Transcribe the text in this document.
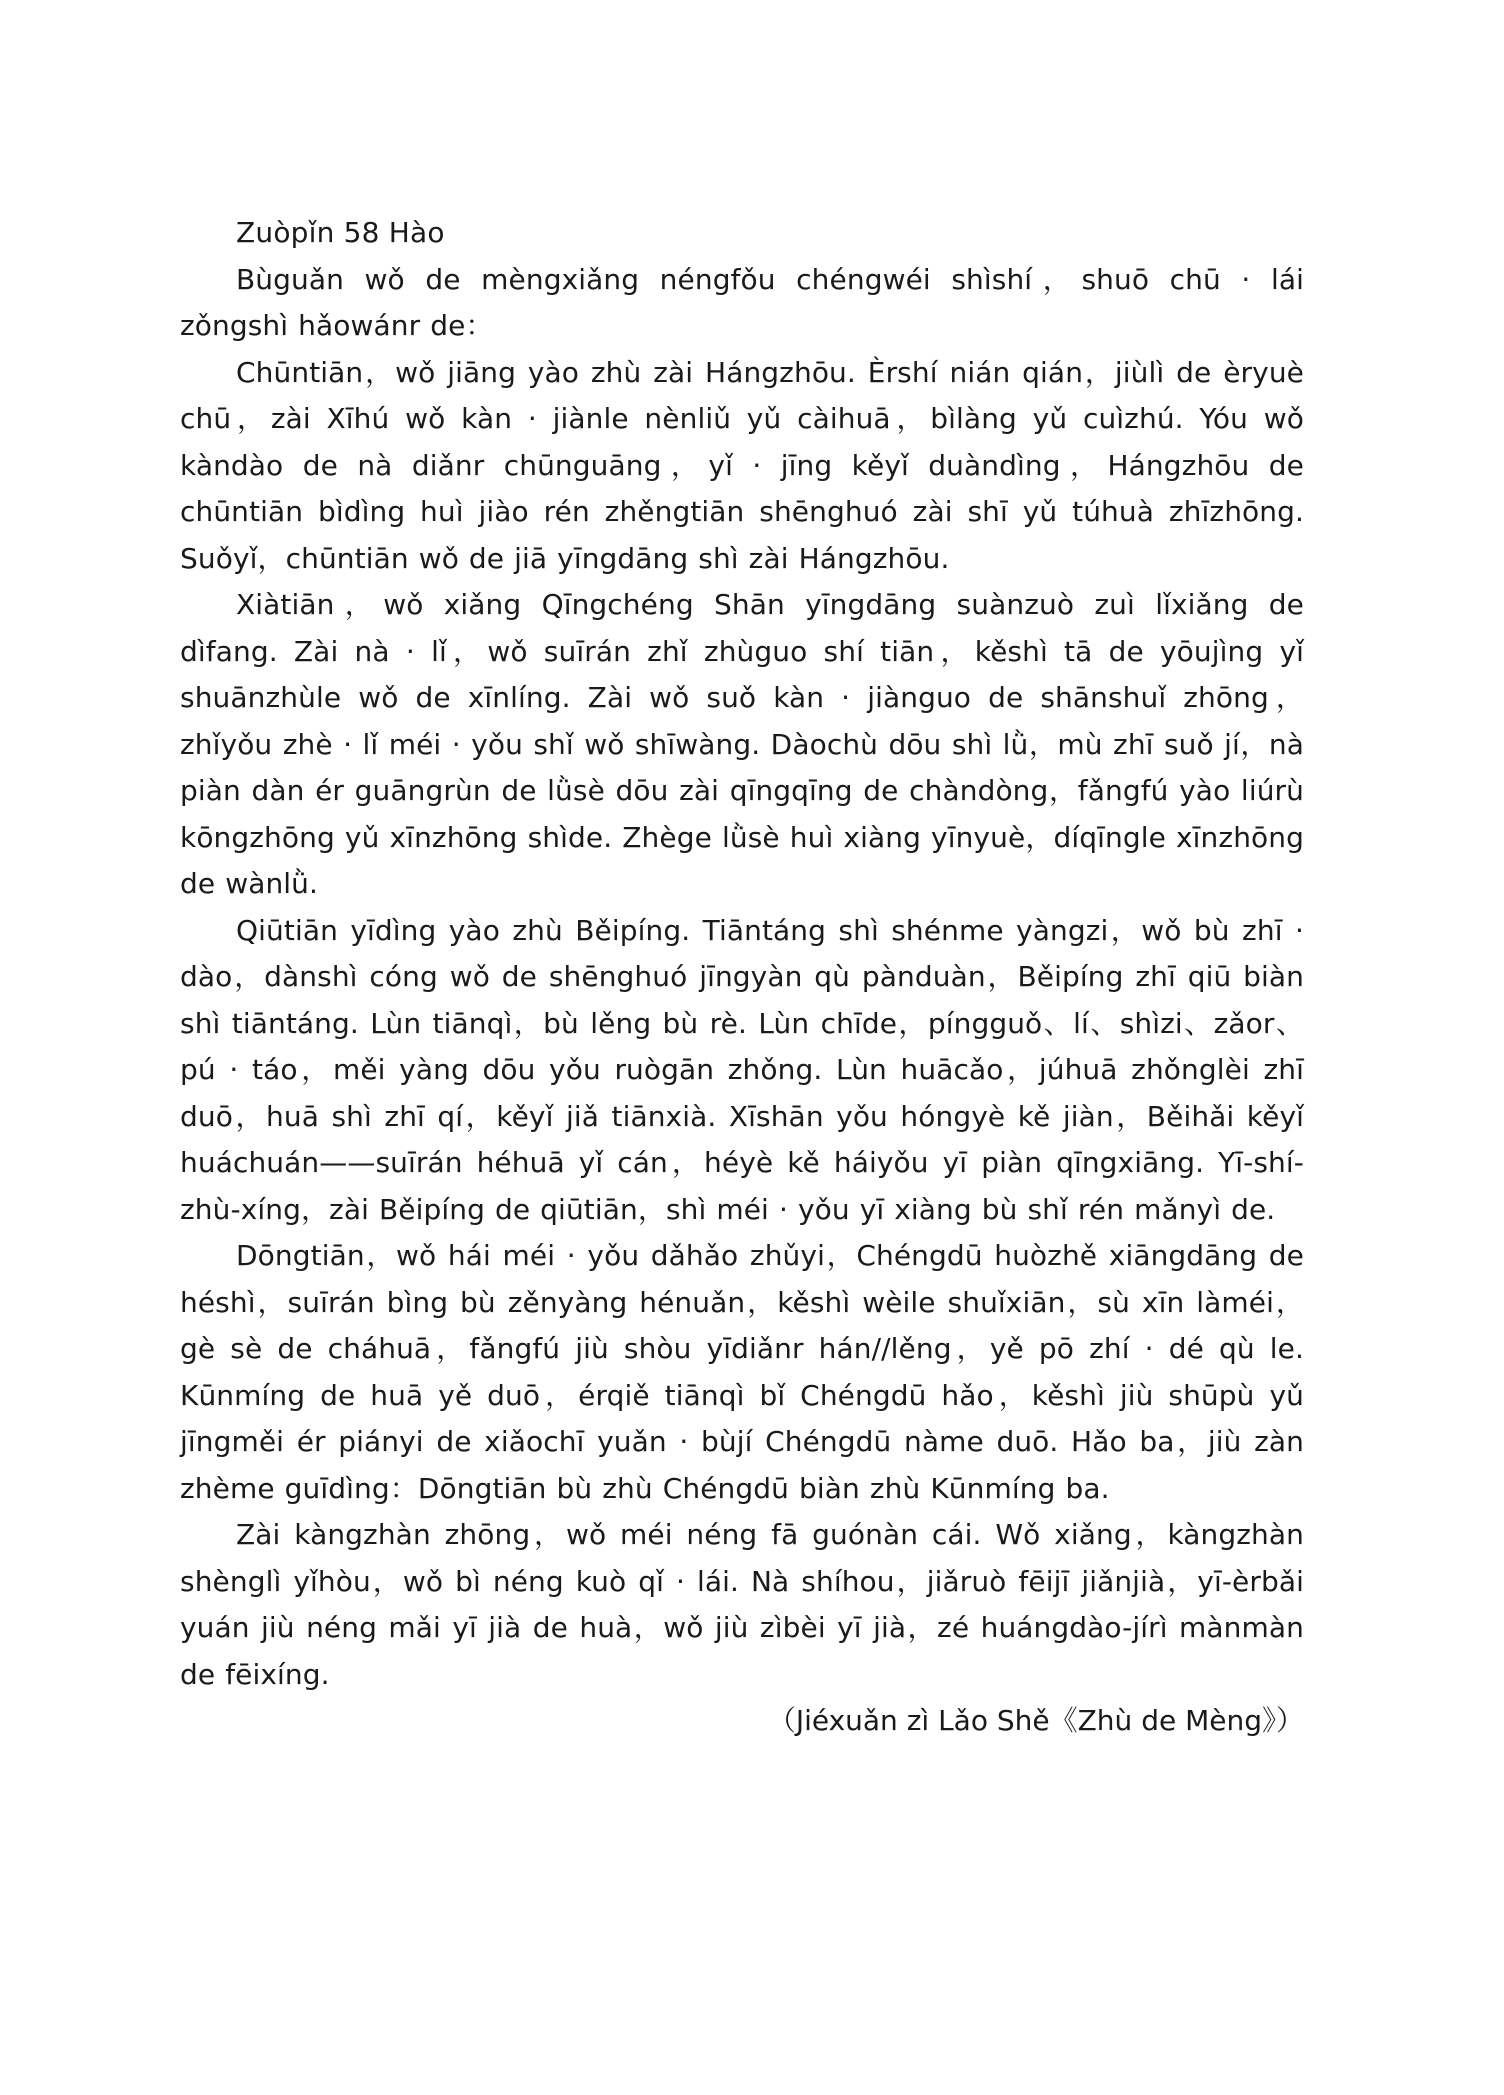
Zuòpǐn 58 Hào

Bùguǎn wǒ de mèngxiǎng néngfǒu chéngwéi shìshí，shuō chū · lái zǒngshì hǎowánr de：

Chūntiān，wǒ jiāng yào zhù zài Hángzhōu. Èrshí nián qián，jiùlì de èryuè chū，zài Xīhú wǒ kàn · jiànle nènliǔ yǔ càihuā，bìlàng yǔ cuìzhú. Yóu wǒ kàndào de nà diǎnr chūnguāng，yǐ · jīng kěyǐ duàndìng，Hángzhōu de chūntiān bìdìng huì jiào rén zhěngtiān shēnghuó zài shī yǔ túhuà zhīzhōng. Suǒyǐ，chūntiān wǒ de jiā yīngdāng shì zài Hángzhōu.

Xiàtiān，wǒ xiǎng Qīngchéng Shān yīngdāng suànzuò zuì lǐxiǎng de dìfang. Zài nà · lǐ，wǒ suīrán zhǐ zhùguo shí tiān，kěshì tā de yōujìng yǐ shuānzhùle wǒ de xīnlíng. Zài wǒ suǒ kàn · jiànguo de shānshuǐ zhōng，zhǐyǒu zhè · lǐ méi · yǒu shǐ wǒ shīwàng. Dàochù dōu shì lǜ，mù zhī suǒ jí，nà piàn dàn ér guāngrùn de lǜsè dōu zài qīngqīng de chàndòng，fǎngfú yào liúrù kōngzhōng yǔ xīnzhōng shìde. Zhège lǜsè huì xiàng yīnyuè，díqīngle xīnzhōng de wànlǜ.

Qiūtiān yīdìng yào zhù Běipíng. Tiāntáng shì shénme yàngzi，wǒ bù zhī · dào，dànshì cóng wǒ de shēnghuó jīngyàn qù pànduàn，Běipíng zhī qiū biàn shì tiāntáng. Lùn tiānqì，bù lěng bù rè. Lùn chīde，píngguǒ、lí、shìzi、zǎor、pú · táo，měi yàng dōu yǒu ruògān zhǒng. Lùn huācǎo，júhuā zhǒnglèi zhī duō，huā shì zhī qí，kěyǐ jiǎ tiānxià. Xīshān yǒu hóngyè kě jiàn，Běihǎi kěyǐ huáchuán——suīrán héhuā yǐ cán，héyè kě háiyǒu yī piàn qīngxiāng. Yī-shí-zhù-xíng，zài Běipíng de qiūtiān，shì méi · yǒu yī xiàng bù shǐ rén mǎnyì de.

Dōngtiān，wǒ hái méi · yǒu dǎhǎo zhǔyi，Chéngdū huòzhě xiāngdāng de héshì，suīrán bìng bù zěnyàng hénuǎn，kěshì wèile shuǐxiān，sù xīn làméi，gè sè de cháhuā，fǎngfú jiù shòu yīdiǎnr hán//lěng，yě pō zhí · dé qù le. Kūnmíng de huā yě duō，érqiě tiānqì bǐ Chéngdū hǎo，kěshì jiù shūpù yǔ jīngměi ér piányi de xiǎochī yuǎn · bùjí Chéngdū nàme duō. Hǎo ba，jiù zàn zhème guīdìng：Dōngtiān bù zhù Chéngdū biàn zhù Kūnmíng ba.

Zài kàngzhàn zhōng，wǒ méi néng fā guónàn cái. Wǒ xiǎng，kàngzhàn shènglì yǐhòu，wǒ bì néng kuò qǐ · lái. Nà shíhou，jiǎruò fēijī jiǎnjià，yī-èrbǎi yuán jiù néng mǎi yī jià de huà，wǒ jiù zìbèi yī jià，zé huángdào-jírì mànmàn de fēixíng.

（Jiéxuǎn zì Lǎo Shě《Zhù de Mèng》）
